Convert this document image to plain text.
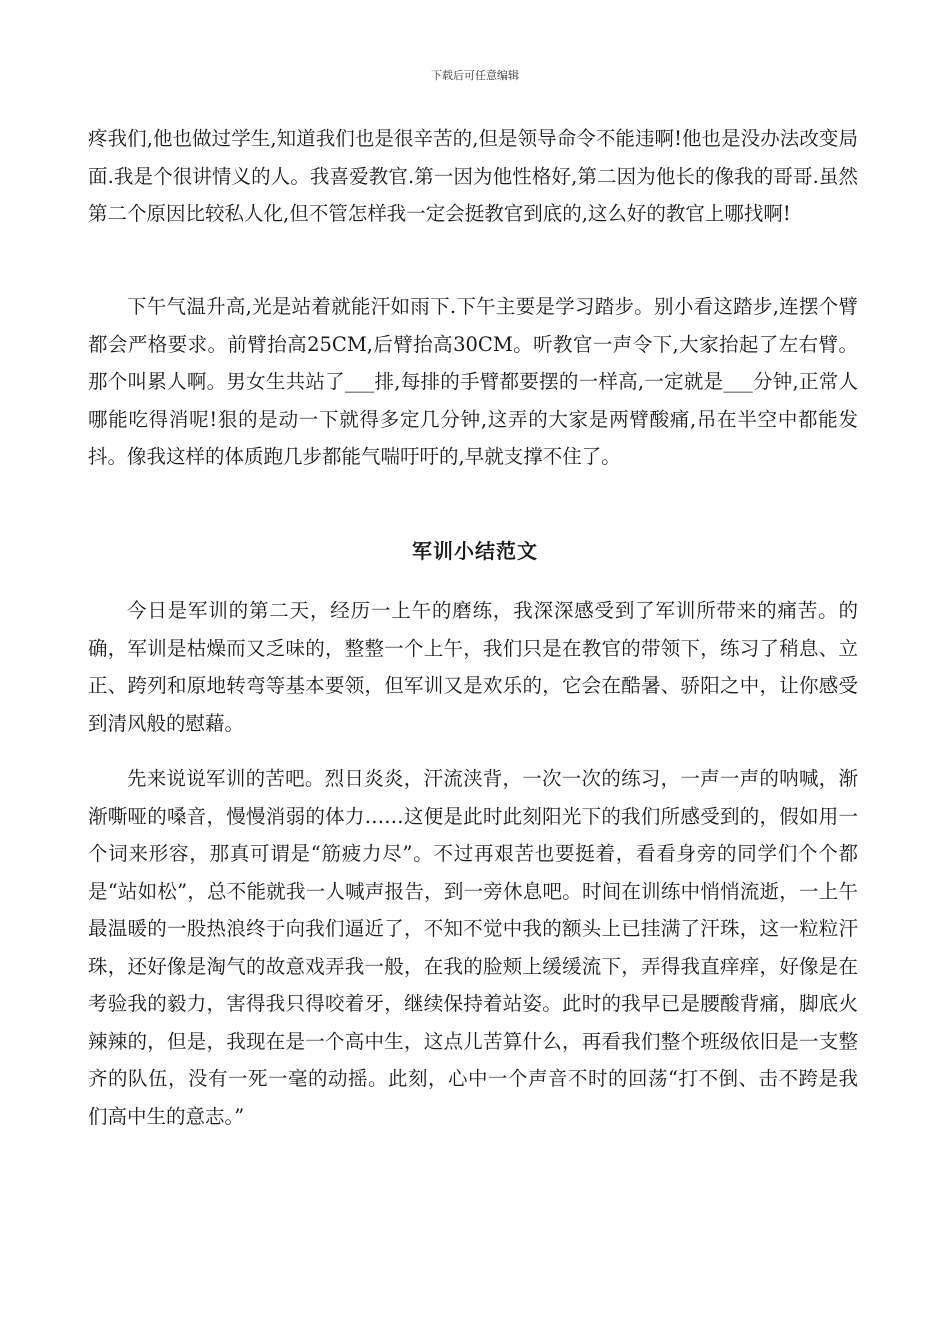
下载后可任意编辑

疼我们,他也做过学生,知道我们也是很辛苦的,但是领导命令不能违啊!他也是没办法改变局面.我是个很讲情义的人。我喜爱教官.第一因为他性格好,第二因为他长的像我的哥哥.虽然第二个原因比较私人化,但不管怎样我一定会挺教官到底的,这么好的教官上哪找啊!

下午气温升高,光是站着就能汗如雨下.下午主要是学习踏步。别小看这踏步,连摆个臂都会严格要求。前臂抬高25CM,后臂抬高30CM。听教官一声令下,大家抬起了左右臂。那个叫累人啊。男女生共站了___排,每排的手臂都要摆的一样高,一定就是___分钟,正常人哪能吃得消呢!狠的是动一下就得多定几分钟,这弄的大家是两臂酸痛,吊在半空中都能发抖。像我这样的体质跑几步都能气喘吁吁的,早就支撑不住了。

军训小结范文

今日是军训的第二天，经历一上午的磨练，我深深感受到了军训所带来的痛苦。的确，军训是枯燥而又乏味的，整整一个上午，我们只是在教官的带领下，练习了稍息、立正、跨列和原地转弯等基本要领，但军训又是欢乐的，它会在酷暑、骄阳之中，让你感受到清风般的慰藉。

先来说说军训的苦吧。烈日炎炎，汗流浃背，一次一次的练习，一声一声的呐喊，渐渐嘶哑的嗓音，慢慢消弱的体力……这便是此时此刻阳光下的我们所感受到的，假如用一个词来形容，那真可谓是“筋疲力尽”。不过再艰苦也要挺着，看看身旁的同学们个个都是“站如松”，总不能就我一人喊声报告，到一旁休息吧。时间在训练中悄悄流逝，一上午最温暖的一股热浪终于向我们逼近了，不知不觉中我的额头上已挂满了汗珠，这一粒粒汗珠，还好像是淘气的故意戏弄我一般，在我的脸颊上缓缓流下，弄得我直痒痒，好像是在考验我的毅力，害得我只得咬着牙，继续保持着站姿。此时的我早已是腰酸背痛，脚底火辣辣的，但是，我现在是一个高中生，这点儿苦算什么，再看我们整个班级依旧是一支整齐的队伍，没有一死一毫的动摇。此刻，心中一个声音不时的回荡“打不倒、击不跨是我们高中生的意志。”
